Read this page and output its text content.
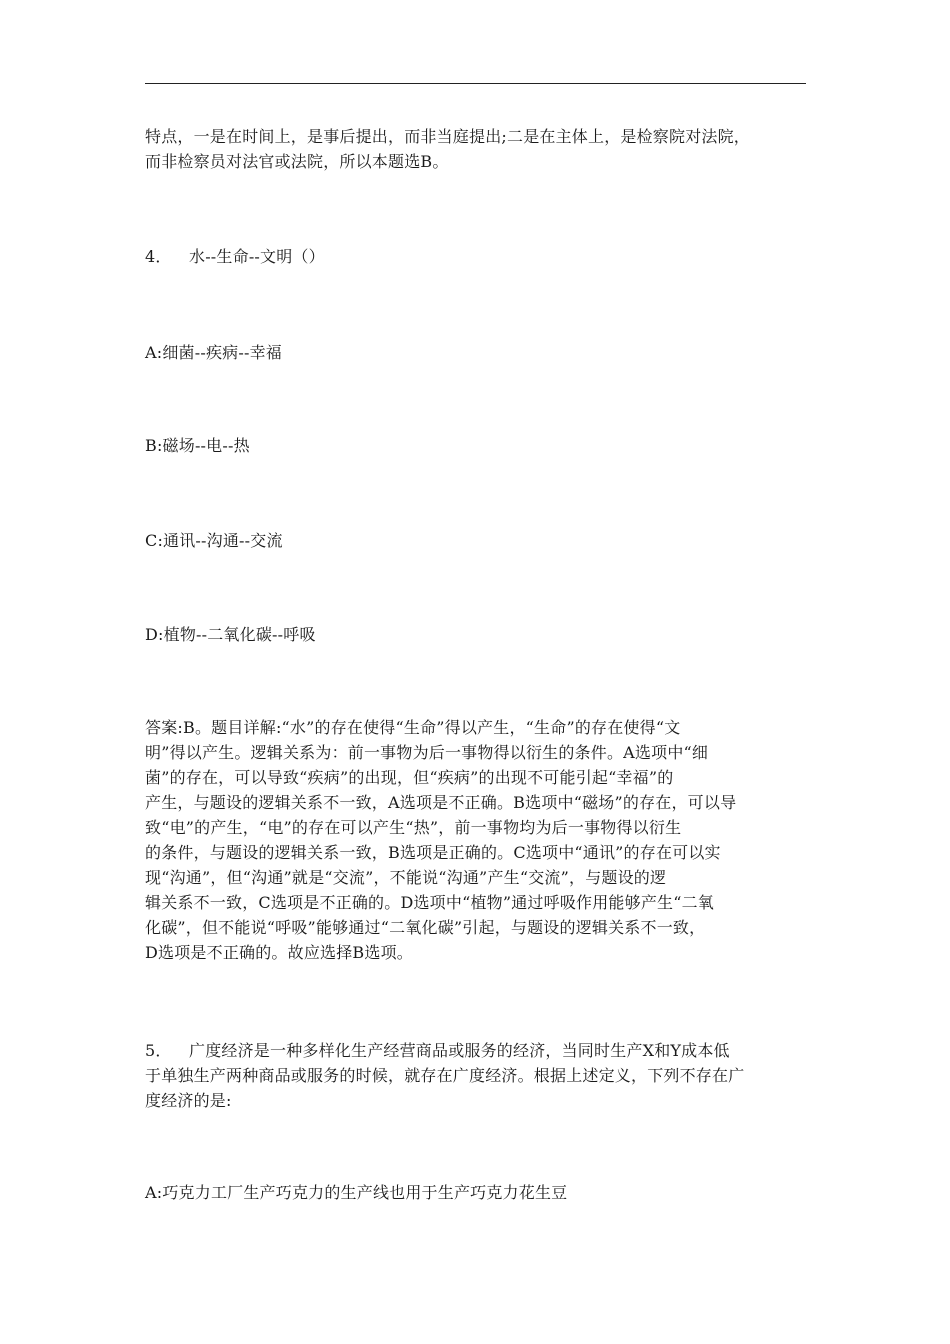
特点，一是在时间上，是事后提出，而非当庭提出;二是在主体上，是检察院对法院，
而非检察员对法官或法院，所以本题选B。
4． 水--生命--文明（）
A:细菌--疾病--幸福
B:磁场--电--热
C:通讯--沟通--交流
D:植物--二氧化碳--呼吸
答案:B。题目详解:“水”的存在使得“生命”得以产生，“生命”的存在使得“文
明”得以产生。逻辑关系为：前一事物为后一事物得以衍生的条件。A选项中“细
菌”的存在，可以导致“疾病”的出现，但“疾病”的出现不可能引起“幸福”的
产生，与题设的逻辑关系不一致，A选项是不正确。B选项中“磁场”的存在，可以导
致“电”的产生，“电”的存在可以产生“热”，前一事物均为后一事物得以衍生
的条件，与题设的逻辑关系一致，B选项是正确的。C选项中“通讯”的存在可以实
现“沟通”，但“沟通”就是“交流”，不能说“沟通”产生“交流”，与题设的逻
辑关系不一致，C选项是不正确的。D选项中“植物”通过呼吸作用能够产生“二氧
化碳”，但不能说“呼吸”能够通过“二氧化碳”引起，与题设的逻辑关系不一致，
D选项是不正确的。故应选择B选项。
5． 广度经济是一种多样化生产经营商品或服务的经济，当同时生产X和Y成本低
于单独生产两种商品或服务的时候，就存在广度经济。根据上述定义，下列不存在广
度经济的是:
A:巧克力工厂生产巧克力的生产线也用于生产巧克力花生豆
